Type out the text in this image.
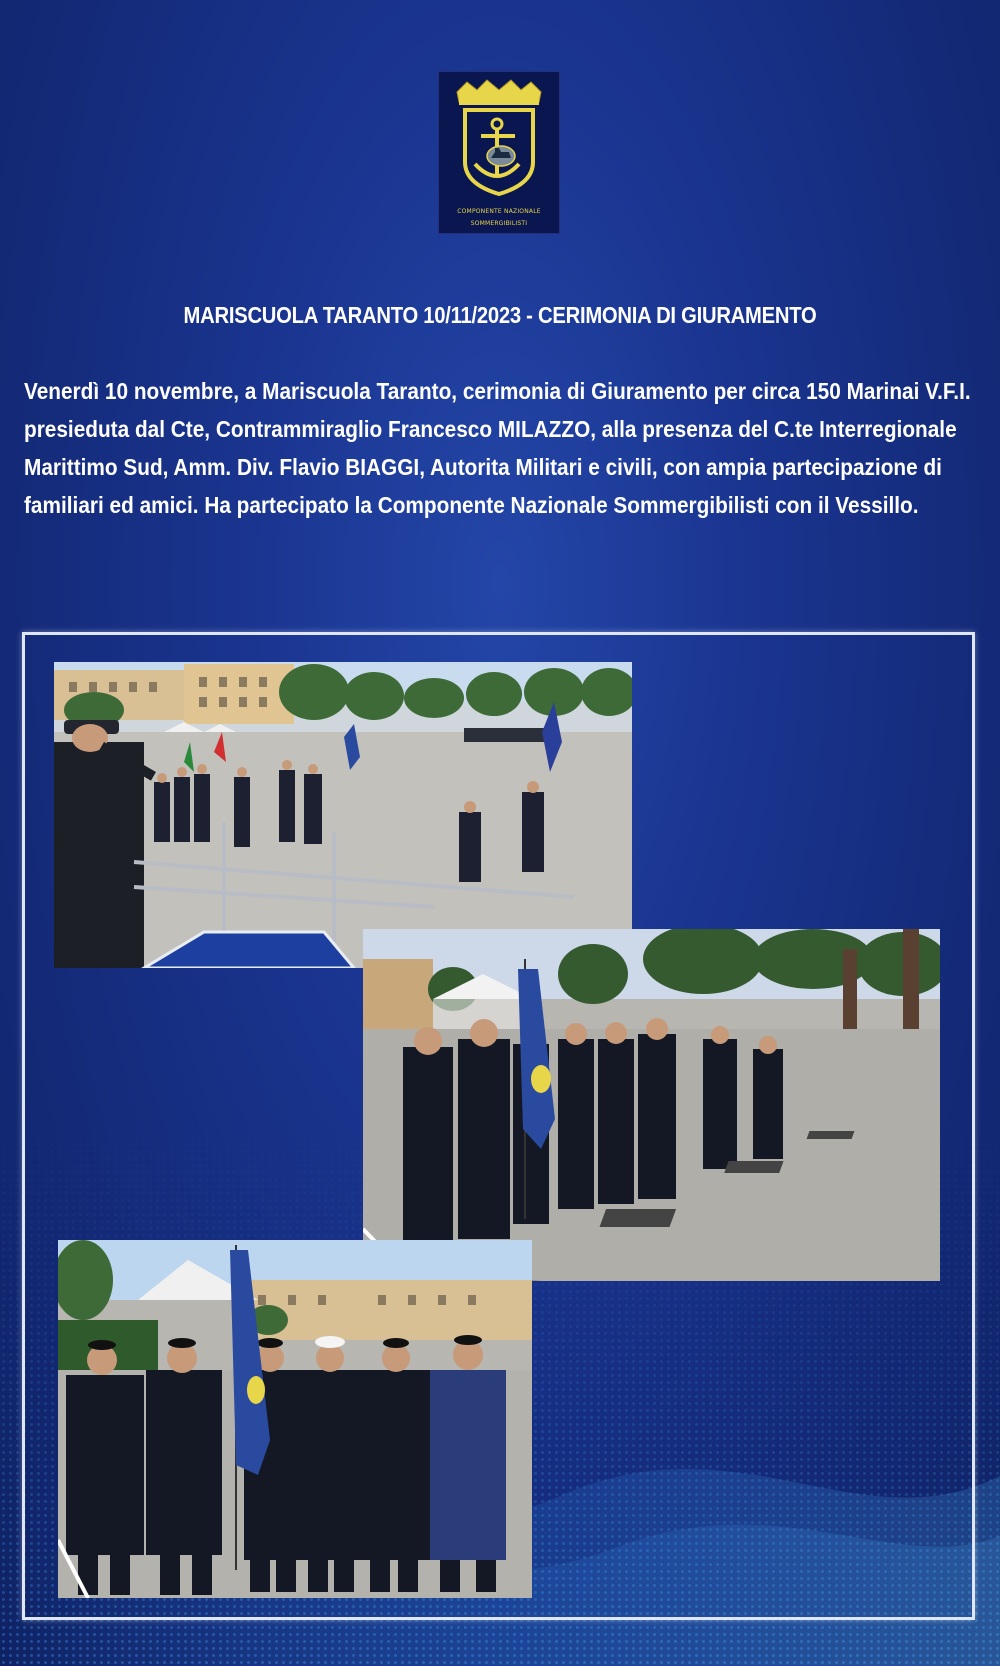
COMPONENTE NAZIONALE
SOMMERGIBILISTI
MARISCUOLA TARANTO 10/11/2023 - CERIMONIA DI GIURAMENTO
Venerdì 10 novembre, a Mariscuola Taranto, cerimonia di Giuramento per circa 150 Marinai V.F.I.
presieduta dal Cte, Contrammiraglio Francesco MILAZZO, alla presenza del C.te Interregionale
Marittimo Sud, Amm. Div. Flavio BIAGGI, Autorita Militari e civili, con ampia partecipazione di
familiari ed amici. Ha partecipato la Componente Nazionale Sommergibilisti con il Vessillo.
